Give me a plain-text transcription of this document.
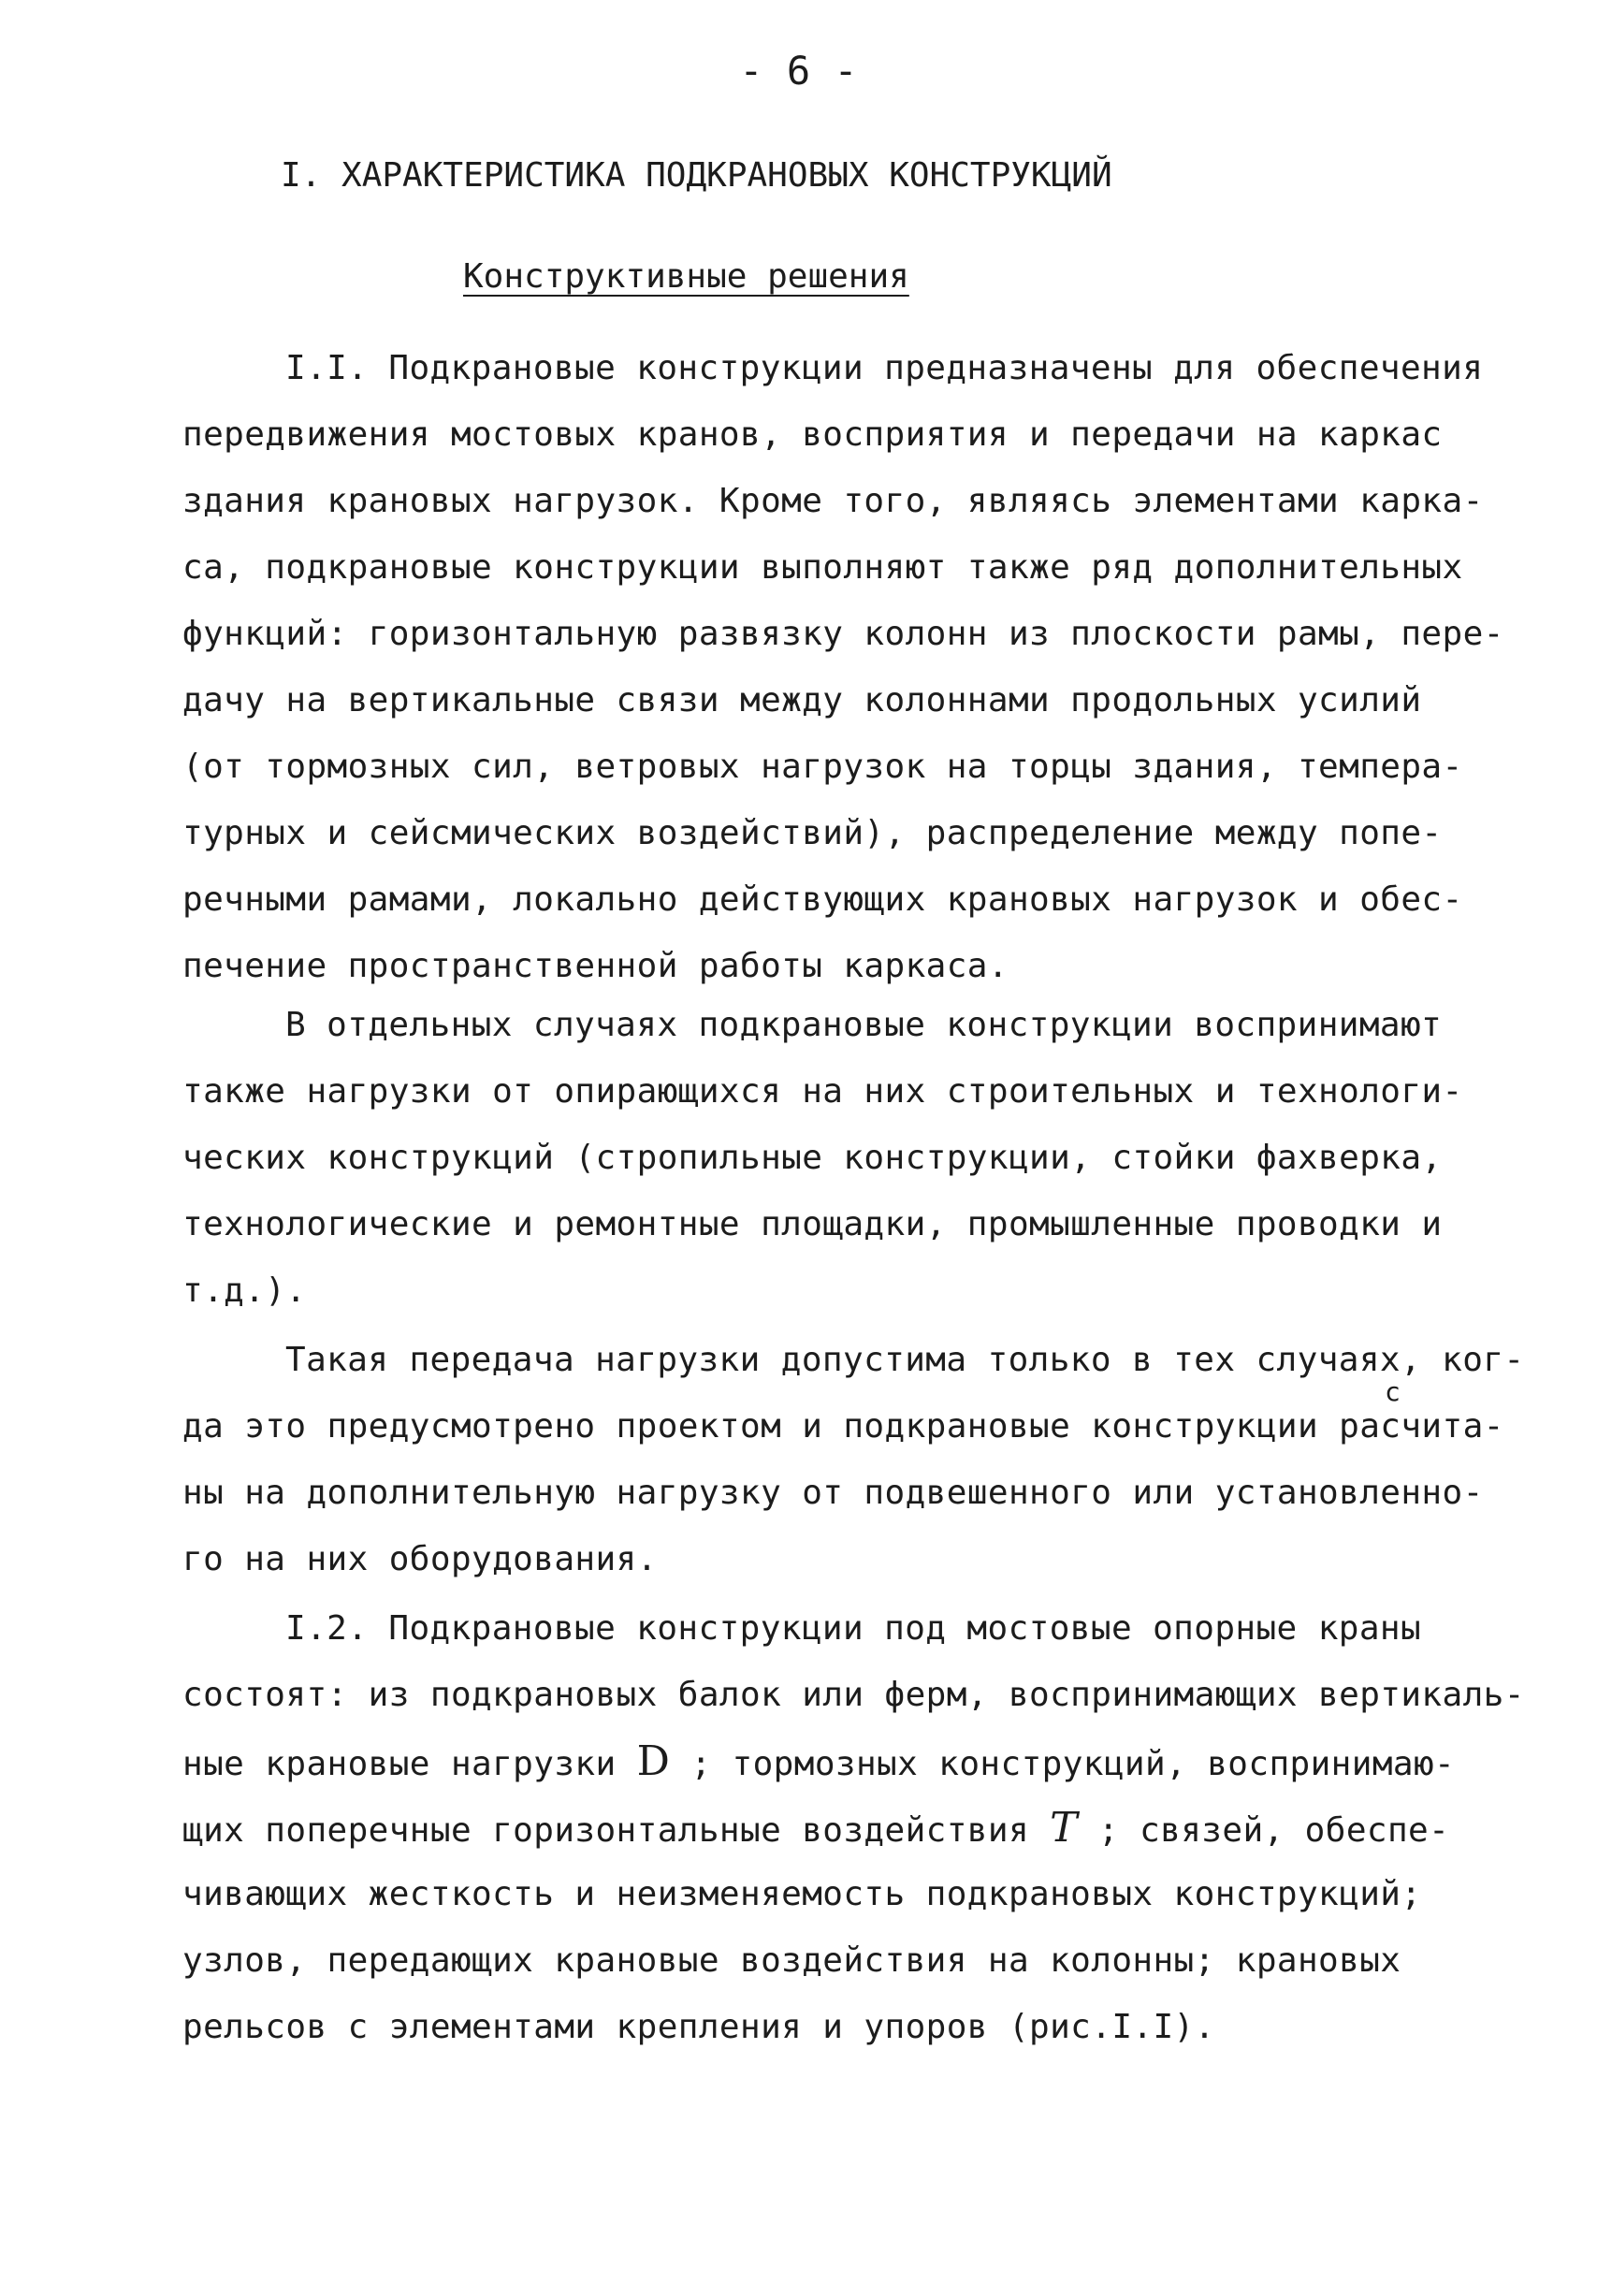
- 6 -
I. ХАРАКТЕРИСТИКА ПОДКРАНОВЫХ КОНСТРУКЦИЙ
Конструктивные решения
I.I. Подкрановые конструкции предназначены для обеспечения
передвижения мостовых кранов, восприятия и передачи на каркас
здания крановых нагрузок. Кроме того, являясь элементами карка-
са, подкрановые конструкции выполняют также ряд дополнительных
функций: горизонтальную развязку колонн из плоскости рамы, пере-
дачу на вертикальные связи между колоннами продольных усилий
(от тормозных сил, ветровых нагрузок на торцы здания, темпера-
турных и сейсмических воздействий), распределение между попе-
речными рамами, локально действующих крановых нагрузок и обес-
печение пространственной работы каркаса.
В отдельных случаях подкрановые конструкции воспринимают
также нагрузки от опирающихся на них строительных и технологи-
ческих конструкций (стропильные конструкции, стойки фахверка,
технологические и ремонтные площадки, промышленные проводки и
т.д.).
Такая передача нагрузки допустима только в тех случаях, ког-
да это предусмотрено проектом и подкрановые конструкции расчита-
ны на дополнительную нагрузку от подвешенного или установленно-
го на них оборудования.
с
I.2. Подкрановые конструкции под мостовые опорные краны
состоят: из подкрановых балок или ферм, воспринимающих вертикаль-
ные крановые нагрузки D ; тормозных конструкций, воспринимаю-
щих поперечные горизонтальные воздействия T ; связей, обеспе-
чивающих жесткость и неизменяемость подкрановых конструкций;
узлов, передающих крановые воздействия на колонны; крановых
рельсов с элементами крепления и упоров (рис.I.I).
